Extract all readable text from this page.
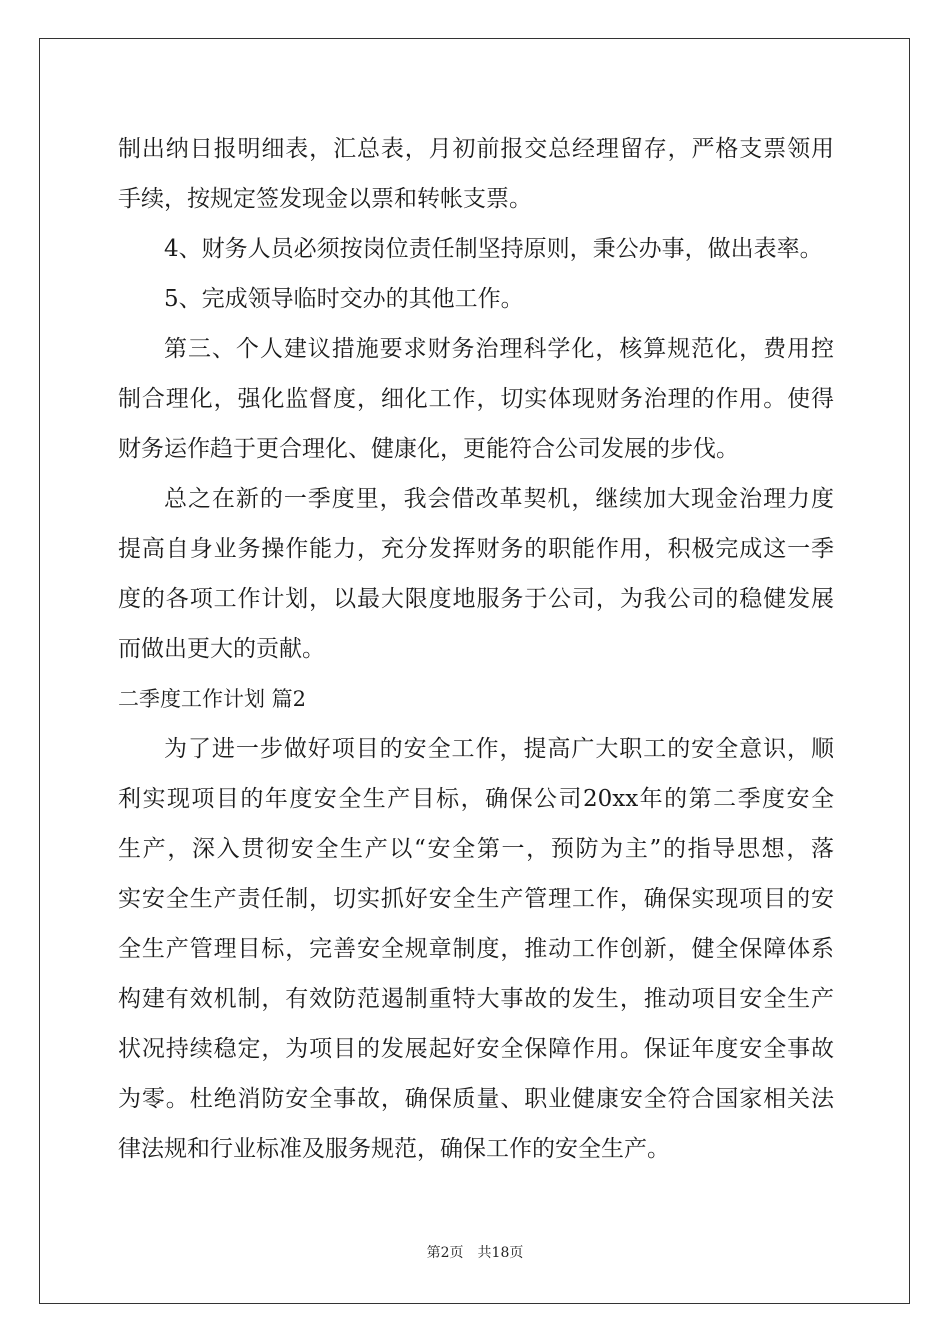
制出纳日报明细表，汇总表，月初前报交总经理留存，严格支票领用
手续，按规定签发现金以票和转帐支票。
4、财务人员必须按岗位责任制坚持原则，秉公办事，做出表率。
5、完成领导临时交办的其他工作。
第三、个人建议措施要求财务治理科学化，核算规范化，费用控
制合理化，强化监督度，细化工作，切实体现财务治理的作用。使得
财务运作趋于更合理化、健康化，更能符合公司发展的步伐。
总之在新的一季度里，我会借改革契机，继续加大现金治理力度
提高自身业务操作能力，充分发挥财务的职能作用，积极完成这一季
度的各项工作计划，以最大限度地服务于公司，为我公司的稳健发展
而做出更大的贡献。
二季度工作计划 篇2
为了进一步做好项目的安全工作，提高广大职工的安全意识，顺
利实现项目的年度安全生产目标，确保公司20xx年的第二季度安全
生产，深入贯彻安全生产以“安全第一，预防为主”的指导思想，落
实安全生产责任制，切实抓好安全生产管理工作，确保实现项目的安
全生产管理目标，完善安全规章制度，推动工作创新，健全保障体系
构建有效机制，有效防范遏制重特大事故的发生，推动项目安全生产
状况持续稳定，为项目的发展起好安全保障作用。保证年度安全事故
为零。杜绝消防安全事故，确保质量、职业健康安全符合国家相关法
律法规和行业标准及服务规范，确保工作的安全生产。
第2页　共18页
